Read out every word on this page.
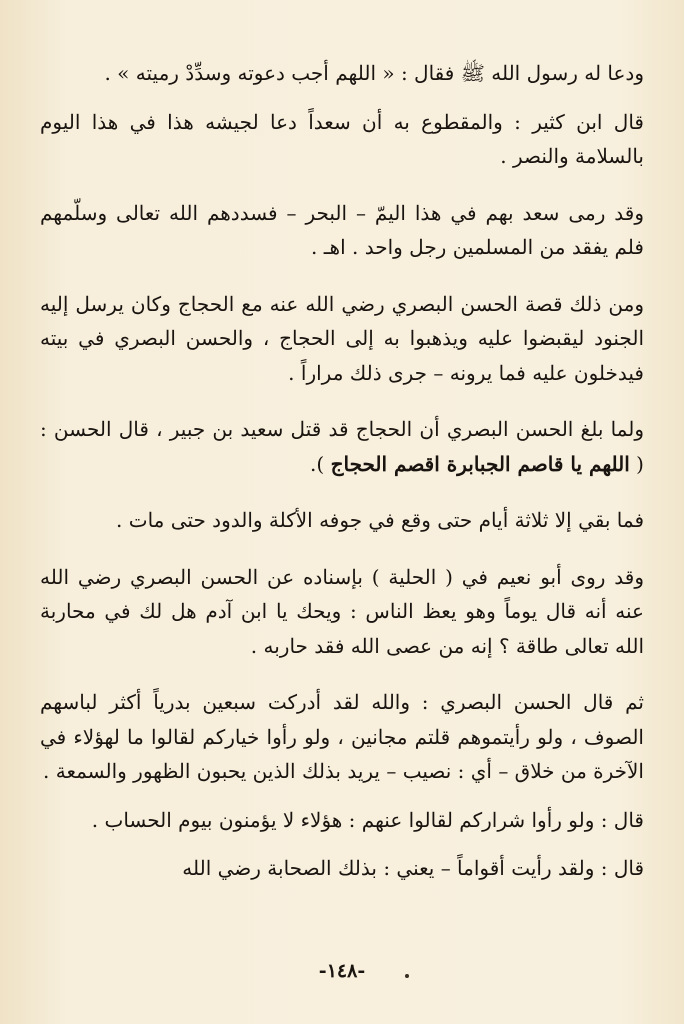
ودعا له رسول الله ﷺ فقال : « اللهم أجب دعوته وسدِّدْ رميته » .

قال ابن كثير : والمقطوع به أن سعداً دعا لجيشه هذا في هذا اليوم بالسلامة والنصر .

وقد رمى سعد بهم في هذا اليمّ – البحر – فسددهم الله تعالى وسلّمهم فلم يفقد من المسلمين رجل واحد . اهـ .

ومن ذلك قصة الحسن البصري رضي الله عنه مع الحجاج وكان يرسل إليه الجنود ليقبضوا عليه ويذهبوا به إلى الحجاج ، والحسن البصري في بيته فيدخلون عليه فما يرونه – جرى ذلك مراراً .

ولما بلغ الحسن البصري أن الحجاج قد قتل سعيد بن جبير ، قال الحسن : ( اللهم يا قاصم الجبابرة اقصم الحجاج ).

فما بقي إلا ثلاثة أيام حتى وقع في جوفه الأكلة والدود حتى مات .

وقد روى أبو نعيم في ( الحلية ) بإسناده عن الحسن البصري رضي الله عنه أنه قال يوماً وهو يعظ الناس : ويحك يا ابن آدم هل لك في محاربة الله تعالى طاقة ؟ إنه من عصى الله فقد حاربه .

ثم قال الحسن البصري : والله لقد أدركت سبعين بدرياً أكثر لباسهم الصوف ، ولو رأيتموهم قلتم مجانين ، ولو رأوا خياركم لقالوا ما لهؤلاء في الآخرة من خلاق – أي : نصيب – يريد بذلك الذين يحبون الظهور والسمعة .

قال : ولو رأوا شراركم لقالوا عنهم : هؤلاء لا يؤمنون بيوم الحساب .

قال : ولقد رأيت أقواماً – يعني : بذلك الصحابة رضي الله

-١٤٨-
